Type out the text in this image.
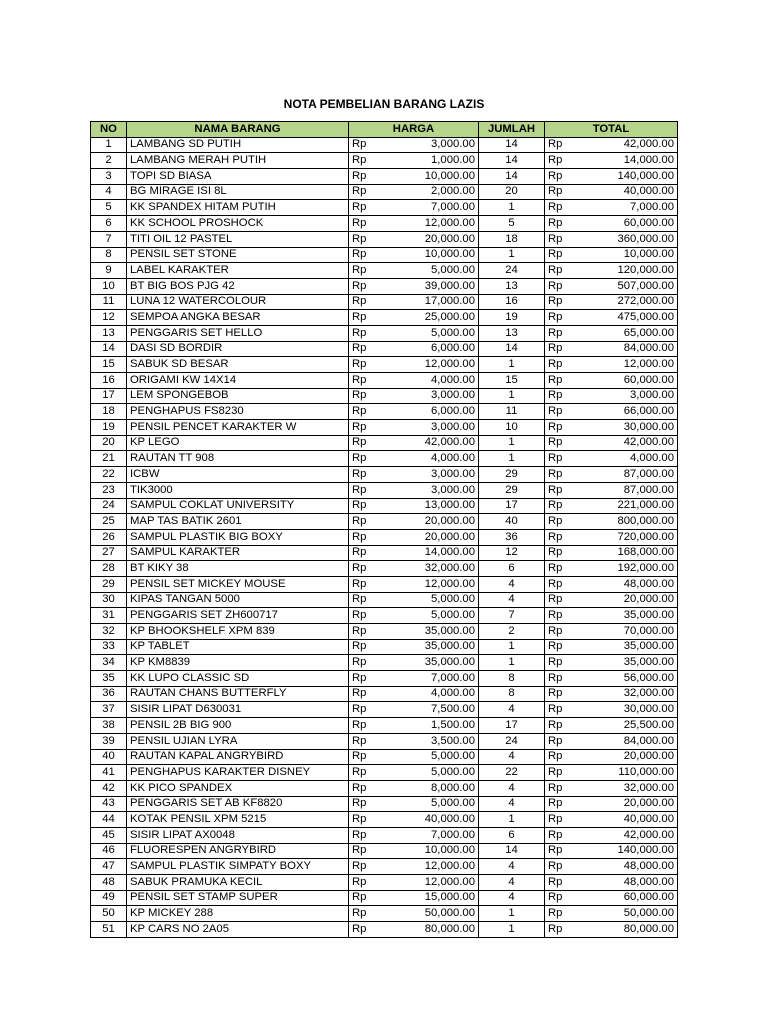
NOTA PEMBELIAN BARANG LAZIS
NO	NAMA BARANG	HARGA	JUMLAH	TOTAL
1	LAMBANG SD PUTIH	Rp 3,000.00	14	Rp 42,000.00

2	LAMBANG MERAH PUTIH	Rp 1,000.00	14	Rp 14,000.00

3	TOPI SD BIASA	Rp 10,000.00	14	Rp 140,000.00

4	BG MIRAGE ISI 8L	Rp 2,000.00	20	Rp 40,000.00

5	KK SPANDEX HITAM PUTIH	Rp 7,000.00	1	Rp 7,000.00

6	KK SCHOOL PROSHOCK	Rp 12,000.00	5	Rp 60,000.00

7	TITI OIL 12 PASTEL	Rp 20,000.00	18	Rp 360,000.00

8	PENSIL SET STONE	Rp 10,000.00	1	Rp 10,000.00

9	LABEL KARAKTER	Rp 5,000.00	24	Rp 120,000.00

10	BT BIG BOS PJG 42	Rp 39,000.00	13	Rp 507,000.00

11	LUNA 12 WATERCOLOUR	Rp 17,000.00	16	Rp 272,000.00

12	SEMPOA ANGKA BESAR	Rp 25,000.00	19	Rp 475,000.00

13	PENGGARIS SET HELLO	Rp 5,000.00	13	Rp 65,000.00

14	DASI SD BORDIR	Rp 6,000.00	14	Rp 84,000.00

15	SABUK SD BESAR	Rp 12,000.00	1	Rp 12,000.00

16	ORIGAMI KW 14X14	Rp 4,000.00	15	Rp 60,000.00

17	LEM SPONGEBOB	Rp 3,000.00	1	Rp 3,000.00

18	PENGHAPUS FS8230	Rp 6,000.00	11	Rp 66,000.00

19	PENSIL PENCET KARAKTER W	Rp 3,000.00	10	Rp 30,000.00

20	KP LEGO	Rp 42,000.00	1	Rp 42,000.00

21	RAUTAN TT 908	Rp 4,000.00	1	Rp 4,000.00

22	ICBW	Rp 3,000.00	29	Rp 87,000.00

23	TIK3000	Rp 3,000.00	29	Rp 87,000.00

24	SAMPUL COKLAT UNIVERSITY	Rp 13,000.00	17	Rp 221,000.00

25	MAP TAS BATIK 2601	Rp 20,000.00	40	Rp 800,000.00

26	SAMPUL PLASTIK BIG BOXY	Rp 20,000.00	36	Rp 720,000.00

27	SAMPUL KARAKTER	Rp 14,000.00	12	Rp 168,000.00

28	BT KIKY 38	Rp 32,000.00	6	Rp 192,000.00

29	PENSIL SET MICKEY MOUSE	Rp 12,000.00	4	Rp 48,000.00

30	KIPAS TANGAN 5000	Rp 5,000.00	4	Rp 20,000.00

31	PENGGARIS SET ZH600717	Rp 5,000.00	7	Rp 35,000.00

32	KP BHOOKSHELF XPM 839	Rp 35,000.00	2	Rp 70,000.00

33	KP TABLET	Rp 35,000.00	1	Rp 35,000.00

34	KP KM8839	Rp 35,000.00	1	Rp 35,000.00

35	KK LUPO CLASSIC SD	Rp 7,000.00	8	Rp 56,000.00

36	RAUTAN CHANS BUTTERFLY	Rp 4,000.00	8	Rp 32,000.00

37	SISIR LIPAT D630031	Rp 7,500.00	4	Rp 30,000.00

38	PENSIL 2B BIG 900	Rp 1,500.00	17	Rp 25,500.00

39	PENSIL UJIAN LYRA	Rp 3,500.00	24	Rp 84,000.00

40	RAUTAN KAPAL ANGRYBIRD	Rp 5,000.00	4	Rp 20,000.00

41	PENGHAPUS KARAKTER DISNEY	Rp 5,000.00	22	Rp 110,000.00

42	KK PICO SPANDEX	Rp 8,000.00	4	Rp 32,000.00

43	PENGGARIS SET AB KF8820	Rp 5,000.00	4	Rp 20,000.00

44	KOTAK PENSIL XPM 5215	Rp 40,000.00	1	Rp 40,000.00

45	SISIR LIPAT AX0048	Rp 7,000.00	6	Rp 42,000.00

46	FLUORESPEN ANGRYBIRD	Rp 10,000.00	14	Rp 140,000.00

47	SAMPUL PLASTIK SIMPATY BOXY	Rp 12,000.00	4	Rp 48,000.00

48	SABUK PRAMUKA KECIL	Rp 12,000.00	4	Rp 48,000.00

49	PENSIL SET STAMP SUPER	Rp 15,000.00	4	Rp 60,000.00

50	KP MICKEY 288	Rp 50,000.00	1	Rp 50,000.00

51	KP CARS NO 2A05	Rp 80,000.00	1	Rp 80,000.00
